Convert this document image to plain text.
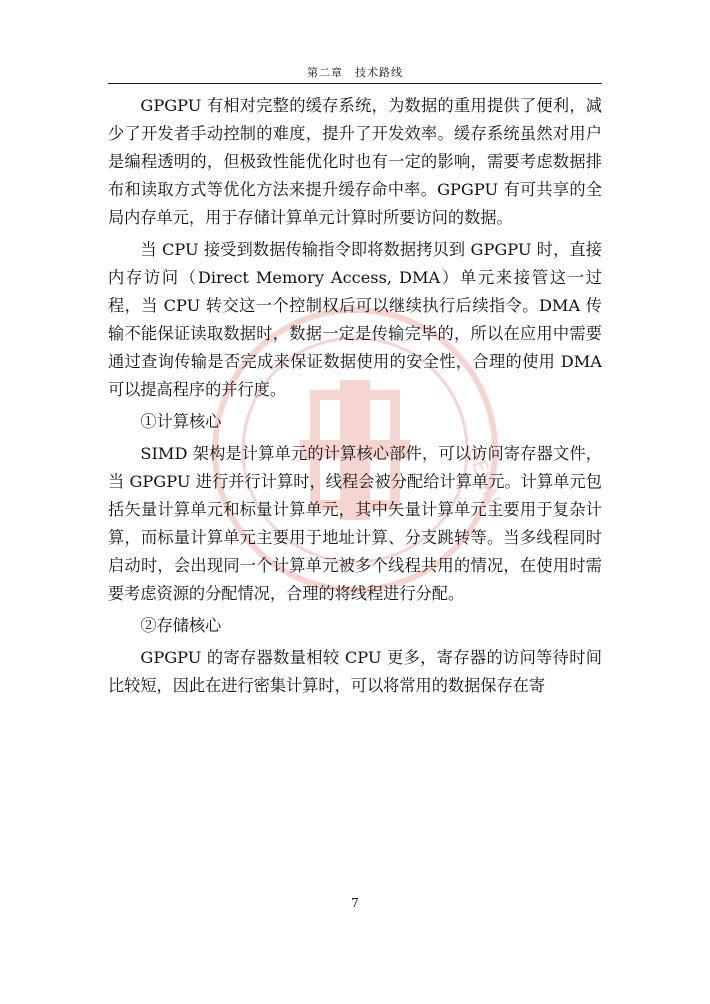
第二章　技术路线
BEIJING

GPGPU 有相对完整的缓存系统，为数据的重用提供了便利，减少了开发者手动控制的难度，提升了开发效率。缓存系统虽然对用户是编程透明的，但极致性能优化时也有一定的影响，需要考虑数据排布和读取方式等优化方法来提升缓存命中率。GPGPU 有可共享的全局内存单元，用于存储计算单元计算时所要访问的数据。

当 CPU 接受到数据传输指令即将数据拷贝到 GPGPU 时，直接内存访问（Direct Memory Access, DMA）单元来接管这一过程，当 CPU 转交这一个控制权后可以继续执行后续指令。DMA 传输不能保证读取数据时，数据一定是传输完毕的，所以在应用中需要通过查询传输是否完成来保证数据使用的安全性，合理的使用 DMA 可以提高程序的并行度。

①计算核心

SIMD 架构是计算单元的计算核心部件，可以访问寄存器文件，当 GPGPU 进行并行计算时，线程会被分配给计算单元。计算单元包括矢量计算单元和标量计算单元，其中矢量计算单元主要用于复杂计算，而标量计算单元主要用于地址计算、分支跳转等。当多线程同时启动时，会出现同一个计算单元被多个线程共用的情况，在使用时需要考虑资源的分配情况，合理的将线程进行分配。

②存储核心

GPGPU 的寄存器数量相较 CPU 更多，寄存器的访问等待时间比较短，因此在进行密集计算时，可以将常用的数据保存在寄

7
